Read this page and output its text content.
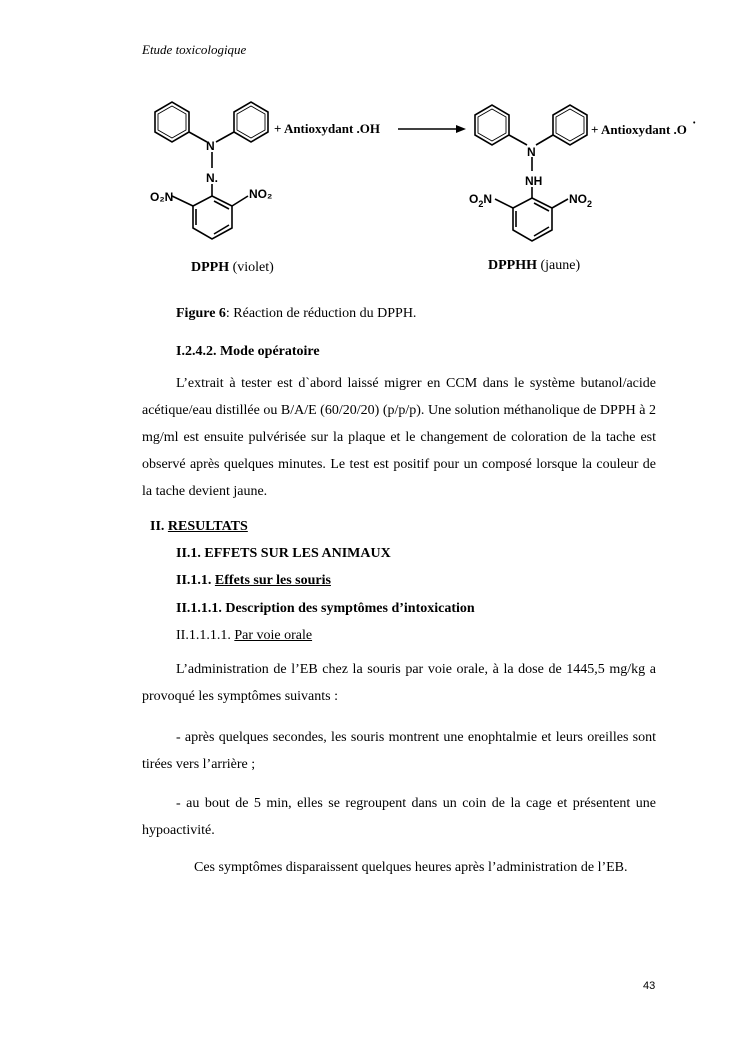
Etude toxicologique
+ Antioxydant .OH
N
N.
O₂N	NO₂
+ Antioxydant .O •
N
NH
$O_2N$	$NO_2$
DPPH (violet)	DPPHH (jaune)
Figure 6: Réaction de réduction du DPPH.
I.2.4.2. Mode opératoire
L’extrait à tester est d`abord laissé migrer en CCM dans le système butanol/acide acétique/eau distillée ou B/A/E (60/20/20) (p/p/p). Une solution méthanolique de DPPH à 2 mg/ml est ensuite pulvérisée sur la plaque et le changement de coloration de la tache est observé après quelques minutes. Le test est positif pour un composé lorsque la couleur de la tache devient jaune.
II. RESULTATS
II.1. EFFETS SUR LES ANIMAUX
II.1.1. Effets sur les souris
II.1.1.1. Description des symptômes d’intoxication
II.1.1.1.1. Par voie orale
L’administration de l’EB chez la souris par voie orale, à la dose de 1445,5 mg/kg a provoqué les symptômes suivants :
- après quelques secondes, les souris montrent une enophtalmie et leurs oreilles sont tirées vers l’arrière ;
- au bout de 5 min, elles se regroupent dans un coin de la cage et présentent une hypoactivité.
Ces symptômes disparaissent quelques heures après l’administration de l’EB.
43
